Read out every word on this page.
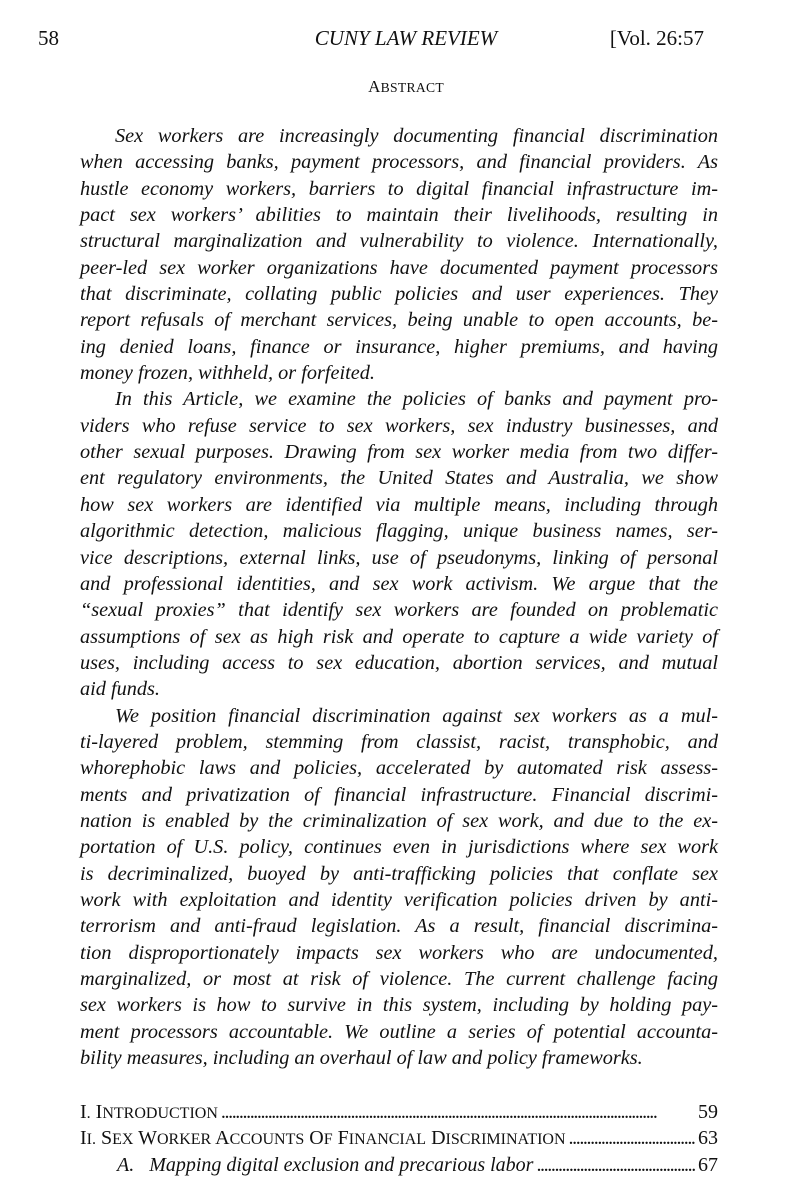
58	CUNY LAW REVIEW	[Vol. 26:57
ABSTRACT
Sex workers are increasingly documenting financial discrimination
when accessing banks, payment processors, and financial providers. As
hustle economy workers, barriers to digital financial infrastructure im-
pact sex workers’ abilities to maintain their livelihoods, resulting in
structural marginalization and vulnerability to violence. Internationally,
peer-led sex worker organizations have documented payment processors
that discriminate, collating public policies and user experiences. They
report refusals of merchant services, being unable to open accounts, be-
ing denied loans, finance or insurance, higher premiums, and having
money frozen, withheld, or forfeited.
In this Article, we examine the policies of banks and payment pro-
viders who refuse service to sex workers, sex industry businesses, and
other sexual purposes. Drawing from sex worker media from two differ-
ent regulatory environments, the United States and Australia, we show
how sex workers are identified via multiple means, including through
algorithmic detection, malicious flagging, unique business names, ser-
vice descriptions, external links, use of pseudonyms, linking of personal
and professional identities, and sex work activism. We argue that the
“sexual proxies” that identify sex workers are founded on problematic
assumptions of sex as high risk and operate to capture a wide variety of
uses, including access to sex education, abortion services, and mutual
aid funds.
We position financial discrimination against sex workers as a mul-
ti-layered problem, stemming from classist, racist, transphobic, and
whorephobic laws and policies, accelerated by automated risk assess-
ments and privatization of financial infrastructure. Financial discrimi-
nation is enabled by the criminalization of sex work, and due to the ex-
portation of U.S. policy, continues even in jurisdictions where sex work
is decriminalized, buoyed by anti-trafficking policies that conflate sex
work with exploitation and identity verification policies driven by anti-
terrorism and anti-fraud legislation. As a result, financial discrimina-
tion disproportionately impacts sex workers who are undocumented,
marginalized, or most at risk of violence. The current challenge facing
sex workers is how to survive in this system, including by holding pay-
ment processors accountable. We outline a series of potential accounta-
bility measures, including an overhaul of law and policy frameworks.
I. INTRODUCTION . . .	59
II. SEX WORKER ACCOUNTS OF FINANCIAL DISCRIMINATION . . .	63
A.  Mapping digital exclusion and precarious labor . . .	67
